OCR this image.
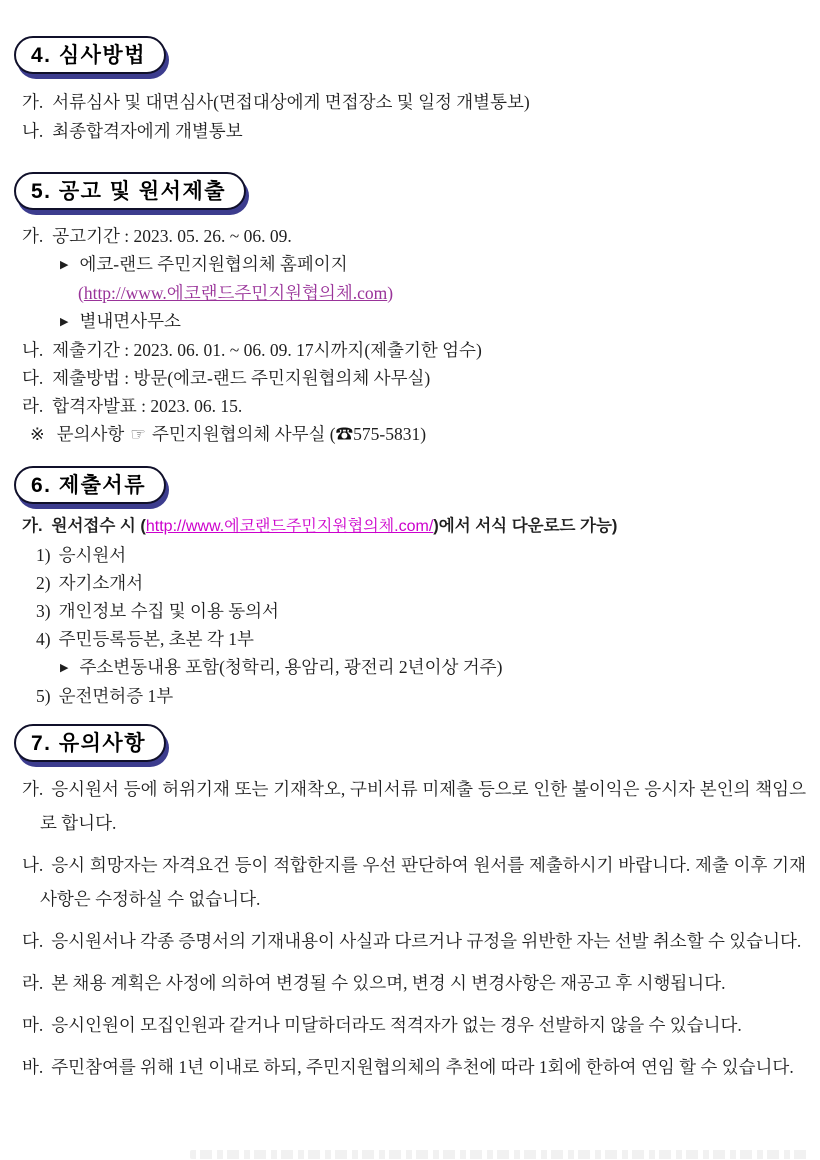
4. 심사방법
가. 서류심사 및 대면심사(면접대상에게 면접장소 및 일정 개별통보)
나. 최종합격자에게 개별통보
5. 공고 및 원서제출
가. 공고기간 : 2023. 05. 26. ~ 06. 09.
▶ 에코-랜드 주민지원협의체 홈페이지
(http://www.에코랜드주민지원협의체.com)
▶ 별내면사무소
나. 제출기간 : 2023. 06. 01. ~ 06. 09. 17시까지(제출기한 엄수)
다. 제출방법 : 방문(에코-랜드 주민지원협의체 사무실)
라. 합격자발표 : 2023. 06. 15.
※ 문의사항 ☞ 주민지원협의체 사무실 (☎575-5831)
6. 제출서류
가. 원서접수 시 (http://www.에코랜드주민지원협의체.com/)에서 서식 다운로드 가능)
1) 응시원서
2) 자기소개서
3) 개인정보 수집 및 이용 동의서
4) 주민등록등본, 초본 각 1부
▶ 주소변동내용 포함(청학리, 용암리, 광전리 2년이상 거주)
5) 운전면허증 1부
7. 유의사항

가. 응시원서 등에 허위기재 또는 기재착오, 구비서류 미제출 등으로 인한 불이익은 응시자 본인의 책임으로 합니다.

나. 응시 희망자는 자격요건 등이 적합한지를 우선 판단하여 원서를 제출하시기 바랍니다. 제출 이후 기재사항은 수정하실 수 없습니다.

다. 응시원서나 각종 증명서의 기재내용이 사실과 다르거나 규정을 위반한 자는 선발 취소할 수 있습니다.

라. 본 채용 계획은 사정에 의하여 변경될 수 있으며, 변경 시 변경사항은 재공고 후 시행됩니다.

마. 응시인원이 모집인원과 같거나 미달하더라도 적격자가 없는 경우 선발하지 않을 수 있습니다.

바. 주민참여를 위해 1년 이내로 하되, 주민지원협의체의 추천에 따라 1회에 한하여 연임 할 수 있습니다.
